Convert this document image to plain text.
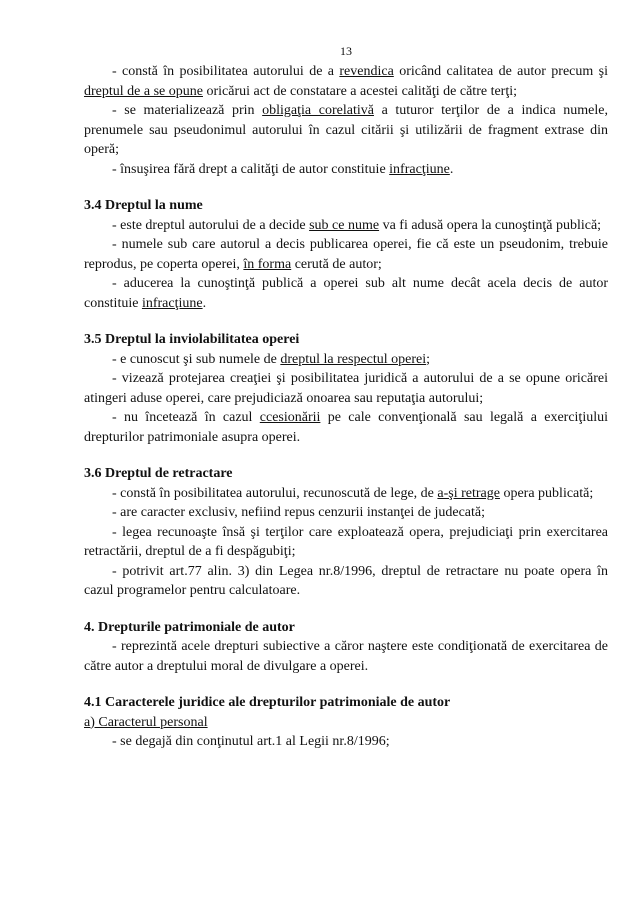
13

- constă în posibilitatea autorului de a revendica oricând calitatea de autor precum şi dreptul de a se opune oricărui act de constatare a acestei calităţi de către terţi;

- se materializează prin obligaţia corelativă a tuturor terţilor de a indica numele, prenumele sau pseudonimul autorului în cazul citării şi utilizării de fragment extrase din operă;

- însuşirea fără drept a calităţi de autor constituie infracţiune.

3.4 Dreptul la nume

- este dreptul autorului de a decide sub ce nume va fi adusă opera la cunoştinţă publică;

- numele sub care autorul a decis publicarea operei, fie că este un pseudonim, trebuie reprodus, pe coperta operei, în forma cerută de autor;

- aducerea la cunoştinţă publică a operei sub alt nume decât acela decis de autor constituie infracţiune.

3.5 Dreptul la inviolabilitatea operei

- e cunoscut şi sub numele de dreptul la respectul operei;

- vizează protejarea creaţiei şi posibilitatea juridică a autorului de a se opune oricărei atingeri aduse operei, care prejudiciază onoarea sau reputaţia autorului;

- nu încetează în cazul ccesionării pe cale convenţională sau legală a exerciţiului drepturilor patrimoniale asupra operei.

3.6 Dreptul de retractare

- constă în posibilitatea autorului, recunoscută de lege, de a-şi retrage opera publicată;

- are caracter exclusiv, nefiind repus cenzurii instanţei de judecată;

- legea recunoaşte însă şi terţilor care exploatează opera, prejudiciaţi prin exercitarea retractării, dreptul de a fi despăgubiţi;

- potrivit art.77 alin. 3) din Legea nr.8/1996, dreptul de retractare nu poate opera în cazul programelor pentru calculatoare.

4. Drepturile patrimoniale de autor

- reprezintă acele drepturi subiective a căror naştere este condiţionată de exercitarea de către autor a dreptului moral de divulgare a operei.

4.1 Caracterele juridice ale drepturilor patrimoniale de autor

a) Caracterul personal

- se degajă din conţinutul art.1 al Legii nr.8/1996;
